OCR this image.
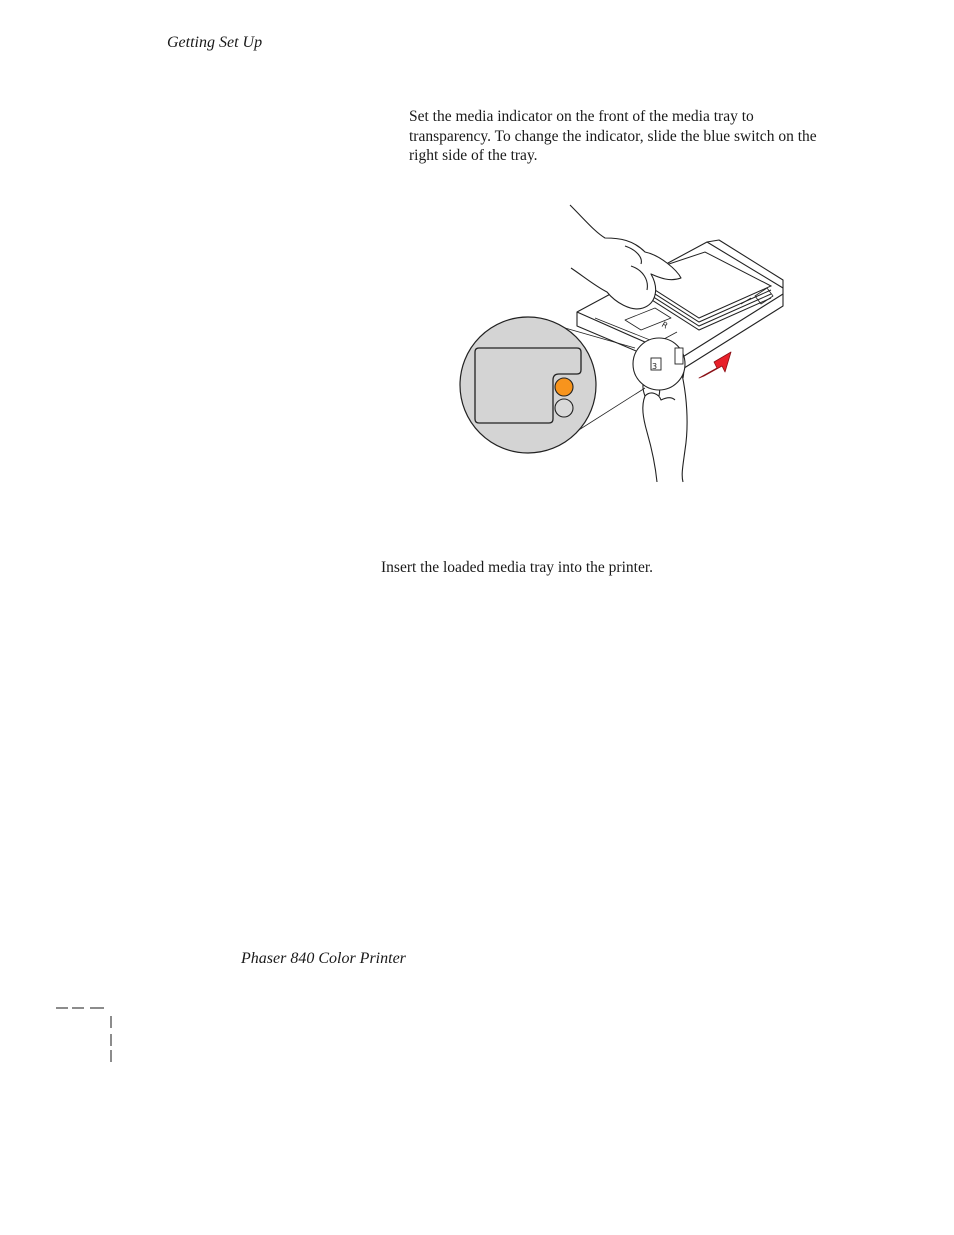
Getting Set Up
Set the media indicator on the front of the media tray to
transparency. To change the indicator, slide the blue switch on the
right side of the tray.
R
3
Insert the loaded media tray into the printer.
Phaser 840 Color Printer
